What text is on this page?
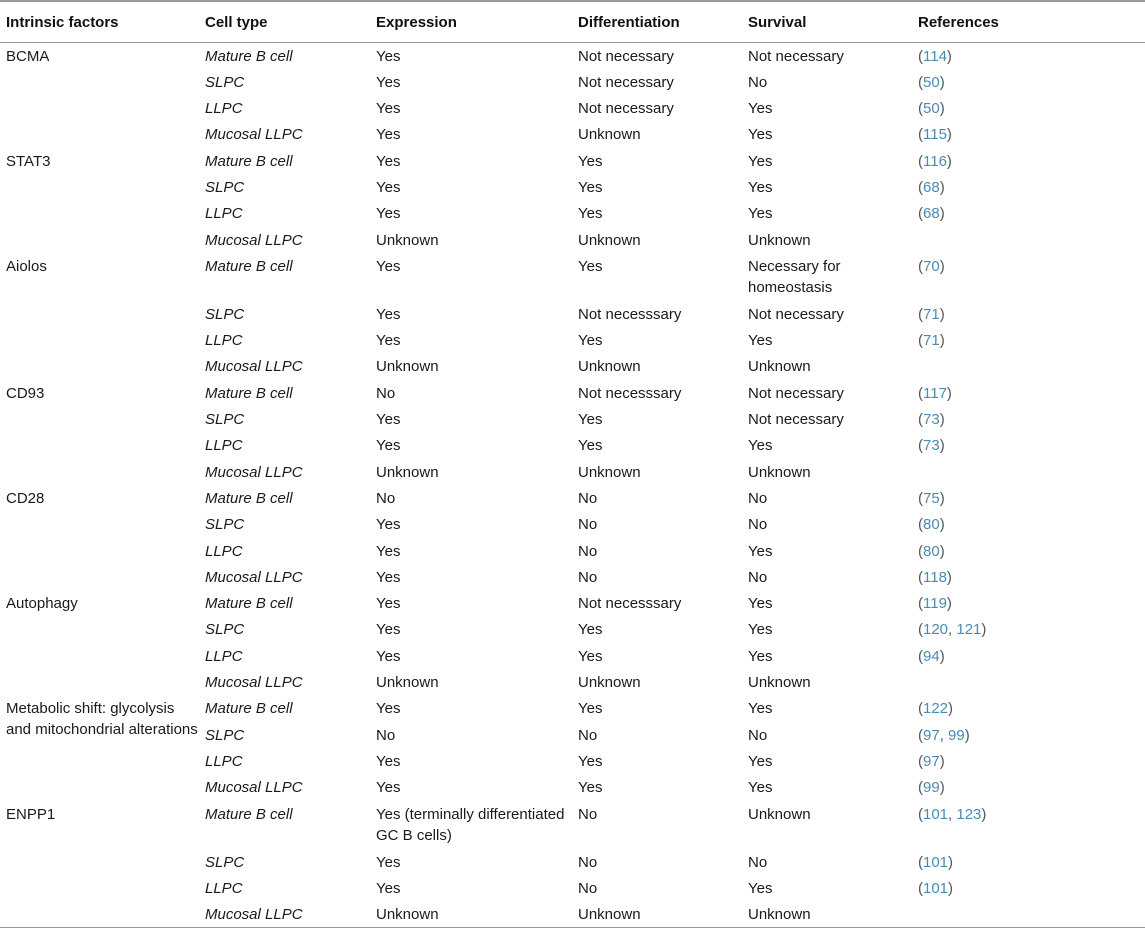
Intrinsic factors	Cell type	Expression	Differentiation	Survival	References
BCMA	Mature B cell	Yes	Not necessary	Not necessary	(114)
	SLPC	Yes	Not necessary	No	(50)
	LLPC	Yes	Not necessary	Yes	(50)
	Mucosal LLPC	Yes	Unknown	Yes	(115)
STAT3	Mature B cell	Yes	Yes	Yes	(116)
	SLPC	Yes	Yes	Yes	(68)
	LLPC	Yes	Yes	Yes	(68)
	Mucosal LLPC	Unknown	Unknown	Unknown	
Aiolos	Mature B cell	Yes	Yes	Necessary for homeostasis	(70)
	SLPC	Yes	Not necesssary	Not necessary	(71)
	LLPC	Yes	Yes	Yes	(71)
	Mucosal LLPC	Unknown	Unknown	Unknown	
CD93	Mature B cell	No	Not necesssary	Not necessary	(117)
	SLPC	Yes	Yes	Not necessary	(73)
	LLPC	Yes	Yes	Yes	(73)
	Mucosal LLPC	Unknown	Unknown	Unknown	
CD28	Mature B cell	No	No	No	(75)
	SLPC	Yes	No	No	(80)
	LLPC	Yes	No	Yes	(80)
	Mucosal LLPC	Yes	No	No	(118)
Autophagy	Mature B cell	Yes	Not necesssary	Yes	(119)
	SLPC	Yes	Yes	Yes	(120, 121)
	LLPC	Yes	Yes	Yes	(94)
	Mucosal LLPC	Unknown	Unknown	Unknown	
Metabolic shift: glycolysis and mitochondrial alterations	Mature B cell	Yes	Yes	Yes	(122)
	SLPC	No	No	No	(97, 99)
	LLPC	Yes	Yes	Yes	(97)
	Mucosal LLPC	Yes	Yes	Yes	(99)
ENPP1	Mature B cell	Yes (terminally differentiated GC B cells)	No	Unknown	(101, 123)
	SLPC	Yes	No	No	(101)
	LLPC	Yes	No	Yes	(101)
	Mucosal LLPC	Unknown	Unknown	Unknown	
